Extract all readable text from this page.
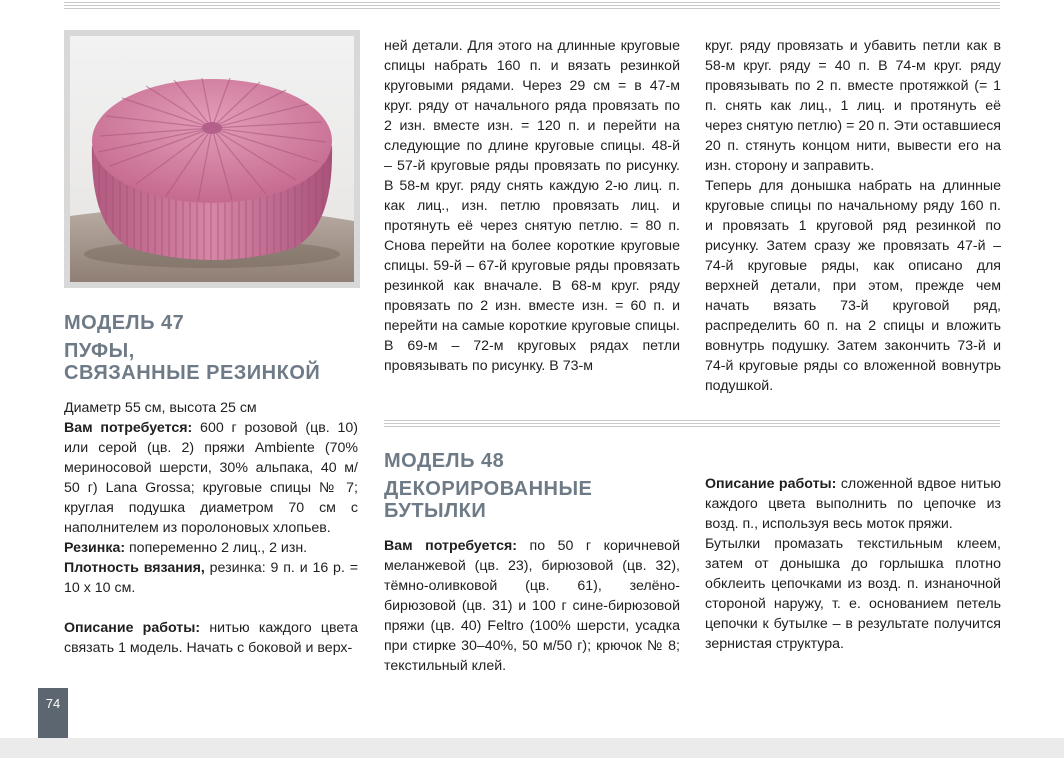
МОДЕЛЬ 47
ПУФЫ,
СВЯЗАННЫЕ РЕЗИНКОЙ

Диаметр 55 см, высота 25 см

Вам потребуется: 600 г розовой (цв. 10) или серой (цв. 2) пряжи Ambiente (70% мериносовой шерсти, 30% альпака, 40 м/ 50 г) Lana Grossa; круговые спицы № 7; круглая подушка диаметром 70 см с наполнителем из поролоновых хлопьев.

Резинка: попеременно 2 лиц., 2 изн.

Плотность вязания, резинка: 9 п. и 16 р. = 10 х 10 см.

Описание работы: нитью каждого цвета связать 1 модель. Начать с боковой и верх-

ней детали. Для этого на длинные круговые спицы набрать 160 п. и вязать резинкой круговыми рядами. Через 29 см = в 47-м круг. ряду от начального ряда провязать по 2 изн. вместе изн. = 120 п. и перейти на следующие по длине круговые спицы. 48-й – 57-й круговые ряды провязать по рисунку. В 58-м круг. ряду снять каждую 2-ю лиц. п. как лиц., изн. петлю провязать лиц. и протянуть её через снятую петлю. = 80 п. Снова перейти на более короткие круговые спицы. 59-й – 67-й круговые ряды провязать резинкой как вначале. В 68-м круг. ряду провязать по 2 изн. вместе изн. = 60 п. и перейти на самые короткие круговые спицы. В 69-м – 72-м круговых рядах петли провязывать по рисунку. В 73-м

круг. ряду провязать и убавить петли как в 58-м круг. ряду = 40 п. В 74-м круг. ряду провязывать по 2 п. вместе протяжкой (= 1 п. снять как лиц., 1 лиц. и протянуть её через снятую петлю) = 20 п. Эти оставшиеся 20 п. стянуть концом нити, вывести его на изн. сторону и заправить.

Теперь для донышка набрать на длинные круговые спицы по начальному ряду 160 п. и провязать 1 круговой ряд резинкой по рисунку. Затем сразу же провязать 47-й – 74-й круговые ряды, как описано для верхней детали, при этом, прежде чем начать вязать 73-й круговой ряд, распределить 60 п. на 2 спицы и вложить вовнутрь подушку. Затем закончить 73-й и 74-й круговые ряды со вложенной вовнутрь подушкой.

МОДЕЛЬ 48
ДЕКОРИРОВАННЫЕ
БУТЫЛКИ

Вам потребуется: по 50 г коричневой меланжевой (цв. 23), бирюзовой (цв. 32), тёмно-оливковой (цв. 61), зелёно-бирюзовой (цв. 31) и 100 г сине-бирюзовой пряжи (цв. 40) Feltro (100% шерсти, усадка при стирке 30–40%, 50 м/50 г); крючок № 8; текстильный клей.

Описание работы: сложенной вдвое нитью каждого цвета выполнить по цепочке из возд. п., используя весь моток пряжи.

Бутылки промазать текстильным клеем, затем от донышка до горлышка плотно обклеить цепочками из возд. п. изнаночной стороной наружу, т. е. основанием петель цепочки к бутылке – в результате получится зернистая структура.

74
